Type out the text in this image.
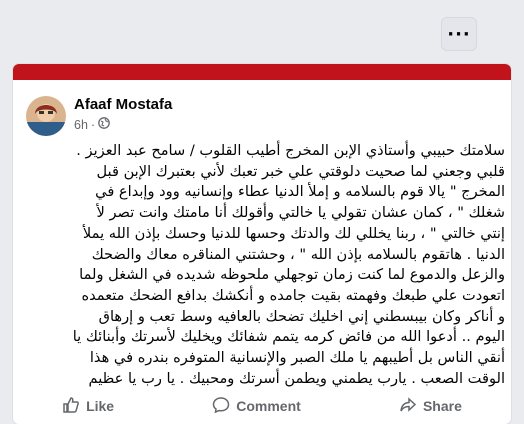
···
Afaaf Mostafa
6h ·
سلامتك حبيبي وأستاذي الإبن المخرج أطيب القلوب / سامح عبد العزيز .
قلبي وجعني لما صحيت دلوقتي علي خبر تعبك لأني بعتبرك الإبن قبل
المخرج " يالا قوم بالسلامه و إملأ الدنيا عطاء وإنسانيه وود وإبداع في
شغلك " ، كمان عشان تقولي يا خالتي وأقولك أنا مامتك وانت تصر لأ
إنتي خالتي " ، ربنا يخللي لك والدتك وحسها للدنيا وحسك بإذن الله يملأ
الدنيا . هاتقوم بالسلامه بإذن الله " ، وحشتني المناقره معاك والضحك
والزعل والدموع لما كنت زمان توجهلي ملحوظه شديده في الشغل ولما
اتعودت علي طبعك وفهمته بقيت جامده و أنكشك بدافع الضحك متعمده
و أناكر وكان بيبسطني إني اخليك تضحك بالعافيه وسط تعب و إرهاق
اليوم .. أدعوا الله من فائض كرمه يتمم شفائك ويخليك لأسرتك وأبنائك يا
أنقي الناس بل أطيبهم يا ملك الصبر والإنسانية المتوفره بندره في هذا
الوقت الصعب . يارب يطمني ويطمن أسرتك ومحبيك . يا رب يا عظيم
Like	Comment	Share
